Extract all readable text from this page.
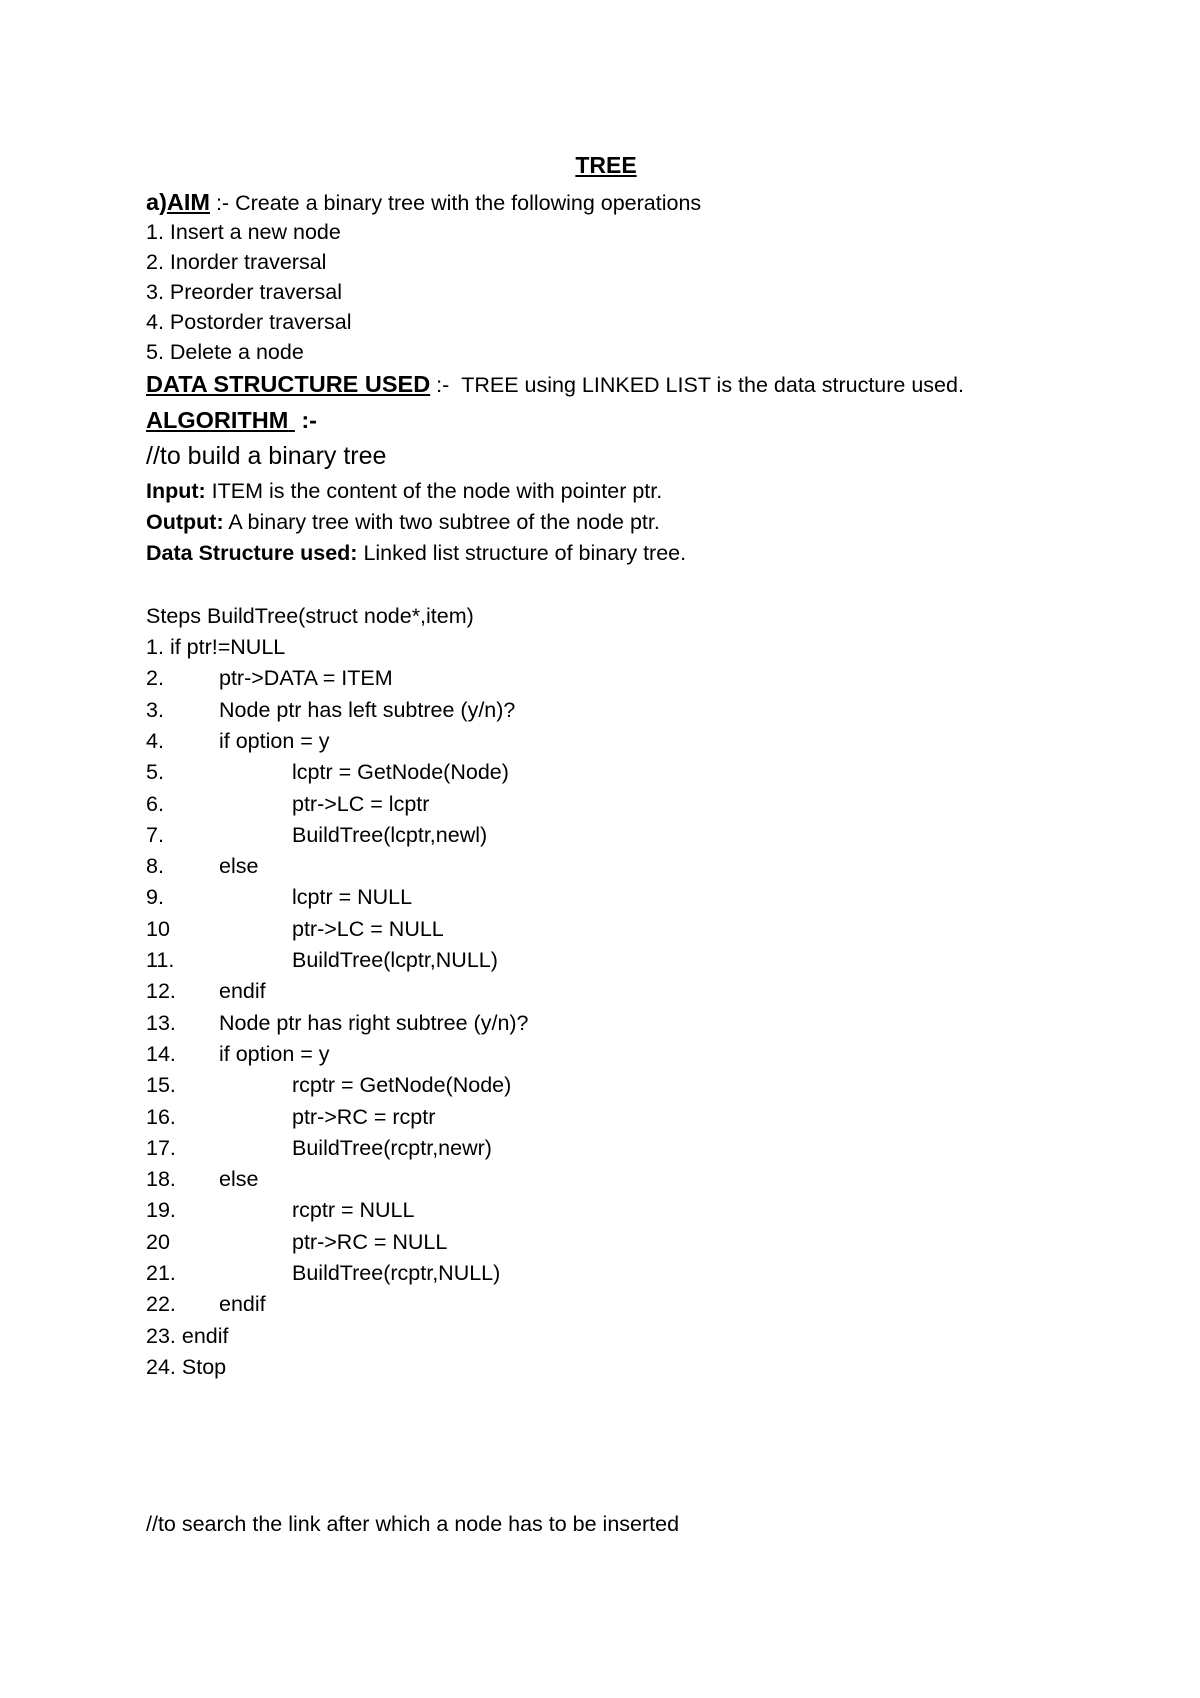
TREE
a)AIM :- Create a binary tree with the following operations
1. Insert a new node
2. Inorder traversal
3. Preorder traversal
4. Postorder traversal
5. Delete a node
DATA STRUCTURE USED :- TREE using LINKED LIST is the data structure used.
ALGORITHM  :-
//to build a binary tree
Input: ITEM is the content of the node with pointer ptr.
Output: A binary tree with two subtree of the node ptr.
Data Structure used: Linked list structure of binary tree.
Steps BuildTree(struct node*,item)
1. if ptr!=NULL
2.	ptr->DATA = ITEM
3.	Node ptr has left subtree (y/n)?
4.	if option = y
5.	lcptr = GetNode(Node)
6.	ptr->LC = lcptr
7.	BuildTree(lcptr,newl)
8.	else
9.	lcptr = NULL
10	ptr->LC = NULL
11.	BuildTree(lcptr,NULL)
12. endif
13. Node ptr has right subtree (y/n)?
14. if option = y
15.	rcptr = GetNode(Node)
16.	ptr->RC = rcptr
17.	BuildTree(rcptr,newr)
18. else
19.	rcptr = NULL
20	ptr->RC = NULL
21.	BuildTree(rcptr,NULL)
22. endif
23. endif
24. Stop
//to search the link after which a node has to be inserted
